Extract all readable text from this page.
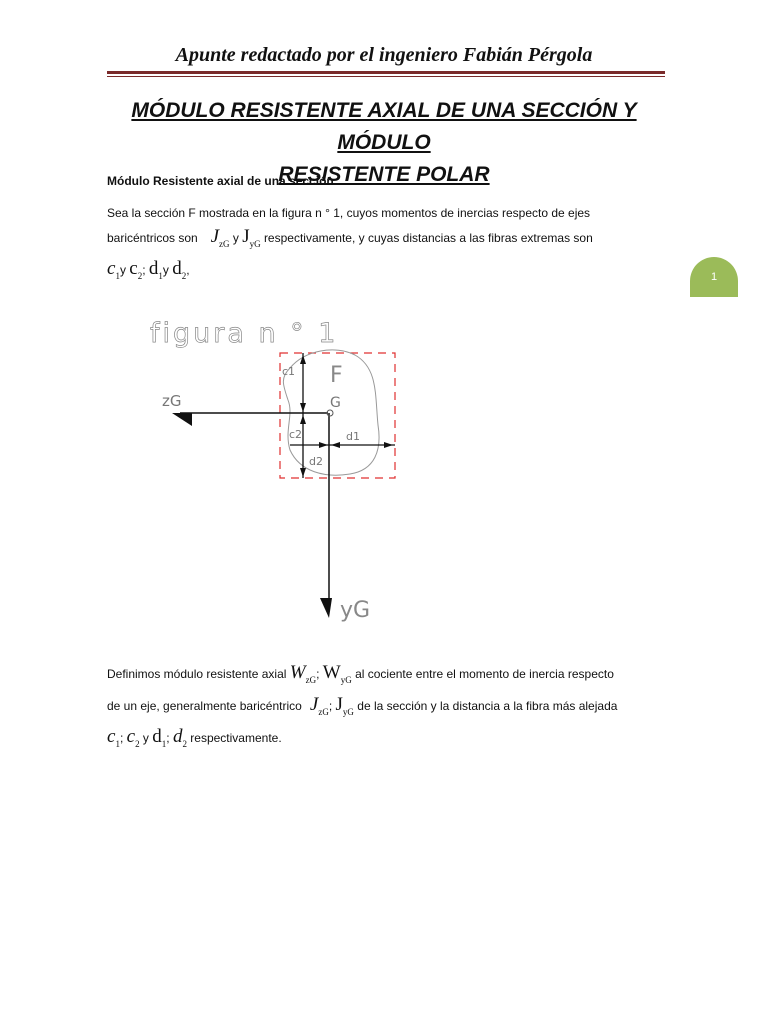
Apunte redactado por el ingeniero Fabián Pérgola
MÓDULO RESISTENTE AXIAL DE UNA SECCIÓN Y MÓDULO
RESISTENTE POLAR
Módulo Resistente axial de una sección
Sea la sección F mostrada en la figura n ° 1, cuyos momentos de inercias respecto de ejes
baricéntricos son   $J_{zG}$ y $J_{yG}$ respectivamente, y cuyas distancias a las fibras extremas son
$c_1y$ $c_2$; $d_1y$ $d_2$,	1
figura n ° 1
zG
yG
G
F
c1
c2	d1
d2
Definimos módulo resistente axial $W_{zG}$; $W_{yG}$ al cociente entre el momento de inercia respecto
de un eje, generalmente baricéntrico  $J_{zG}$; $J_{yG}$ de la sección y la distancia a la fibra más alejada
$c_1$; $c_2$ y $d_1$; $d_2$ respectivamente.
